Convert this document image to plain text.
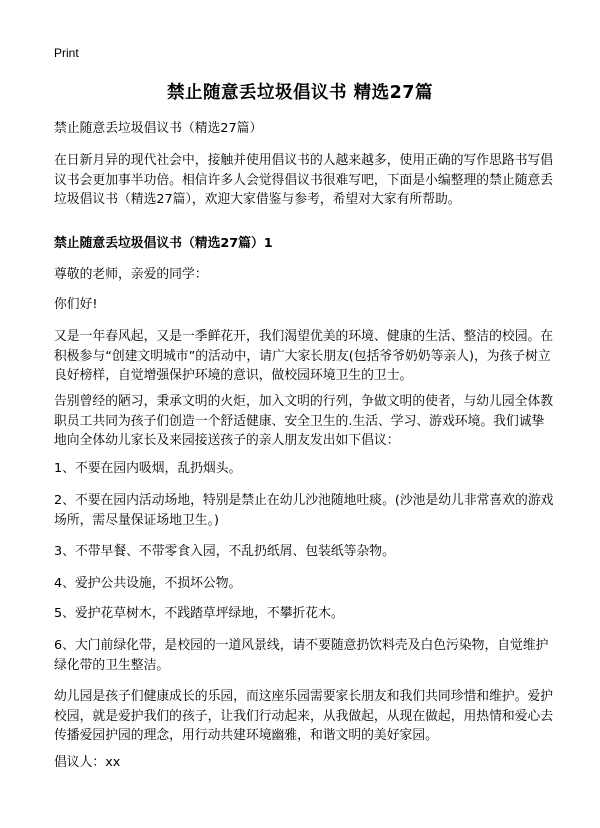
Print
禁止随意丢垃圾倡议书 精选27篇

禁止随意丢垃圾倡议书（精选27篇）

在日新月异的现代社会中，接触并使用倡议书的人越来越多，使用正确的写作思路书写倡议书会更加事半功倍。相信许多人会觉得倡议书很难写吧，下面是小编整理的禁止随意丢垃圾倡议书（精选27篇），欢迎大家借鉴与参考，希望对大家有所帮助。

禁止随意丢垃圾倡议书（精选27篇）1

尊敬的老师，亲爱的同学：

你们好!

又是一年春风起，又是一季鲜花开，我们渴望优美的环境、健康的生活、整洁的校园。在积极参与“创建文明城市”的活动中，请广大家长朋友(包括爷爷奶奶等亲人)，为孩子树立良好榜样，自觉增强保护环境的意识，做校园环境卫生的卫士。

告别曾经的陋习，秉承文明的火炬，加入文明的行列，争做文明的使者，与幼儿园全体教职员工共同为孩子们创造一个舒适健康、安全卫生的.生活、学习、游戏环境。我们诚挚地向全体幼儿家长及来园接送孩子的亲人朋友发出如下倡议：

1、不要在园内吸烟，乱扔烟头。

2、不要在园内活动场地，特别是禁止在幼儿沙池随地吐痰。(沙池是幼儿非常喜欢的游戏场所，需尽量保证场地卫生。)

3、不带早餐、不带零食入园，不乱扔纸屑、包装纸等杂物。

4、爱护公共设施，不损坏公物。

5、爱护花草树木，不践踏草坪绿地，不攀折花木。

6、大门前绿化带，是校园的一道风景线，请不要随意扔饮料壳及白色污染物，自觉维护绿化带的卫生整洁。

幼儿园是孩子们健康成长的乐园，而这座乐园需要家长朋友和我们共同珍惜和维护。爱护校园，就是爱护我们的孩子，让我们行动起来，从我做起，从现在做起，用热情和爱心去传播爱园护园的理念，用行动共建环境幽雅，和谐文明的美好家园。

倡议人：xx
